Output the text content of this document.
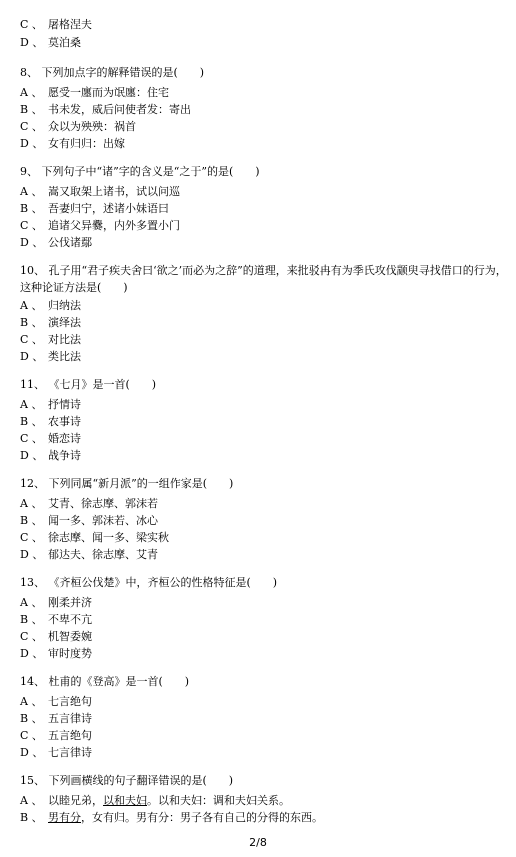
C 、 屠格涅夫
D 、 莫泊桑
8、 下列加点字的解释错误的是(　　)
A 、 愿受一廛而为氓廛：住宅
B 、 书未发，威后问使者发：寄出
C 、 众以为殃殃：祸首
D 、 女有归归：出嫁
9、 下列句子中“诸”字的含义是“之于”的是(　　)
A 、 嵩又取架上诸书，试以问巡
B 、 吾妻归宁，述诸小妹语曰
C 、 追诸父异爨，内外多置小门
D 、 公伐诸鄢
10、 孔子用“君子疾夫舍曰‘欲之’而必为之辞”的道理，来批驳冉有为季氏攻伐颛臾寻找借口的行为，这种论证方法是(　　)
A 、 归纳法
B 、 演绎法
C 、 对比法
D 、 类比法
11、 《七月》是一首(　　)
A 、 抒情诗
B 、 农事诗
C 、 婚恋诗
D 、 战争诗
12、 下列同属“新月派”的一组作家是(　　)
A 、 艾青、徐志摩、郭沫若
B 、 闻一多、郭沫若、冰心
C 、 徐志摩、闻一多、梁实秋
D 、 郁达夫、徐志摩、艾青
13、 《齐桓公伐楚》中，齐桓公的性格特征是(　　)
A 、 刚柔并济
B 、 不卑不亢
C 、 机智委婉
D 、 审时度势
14、 杜甫的《登高》是一首(　　)
A 、 七言绝句
B 、 五言律诗
C 、 五言绝句
D 、 七言律诗
15、 下列画横线的句子翻译错误的是(　　)
A 、 以睦兄弟，以和夫妇。以和夫妇：调和夫妇关系。
B 、 男有分，女有归。男有分：男子各有自己的分得的东西。
2/8
